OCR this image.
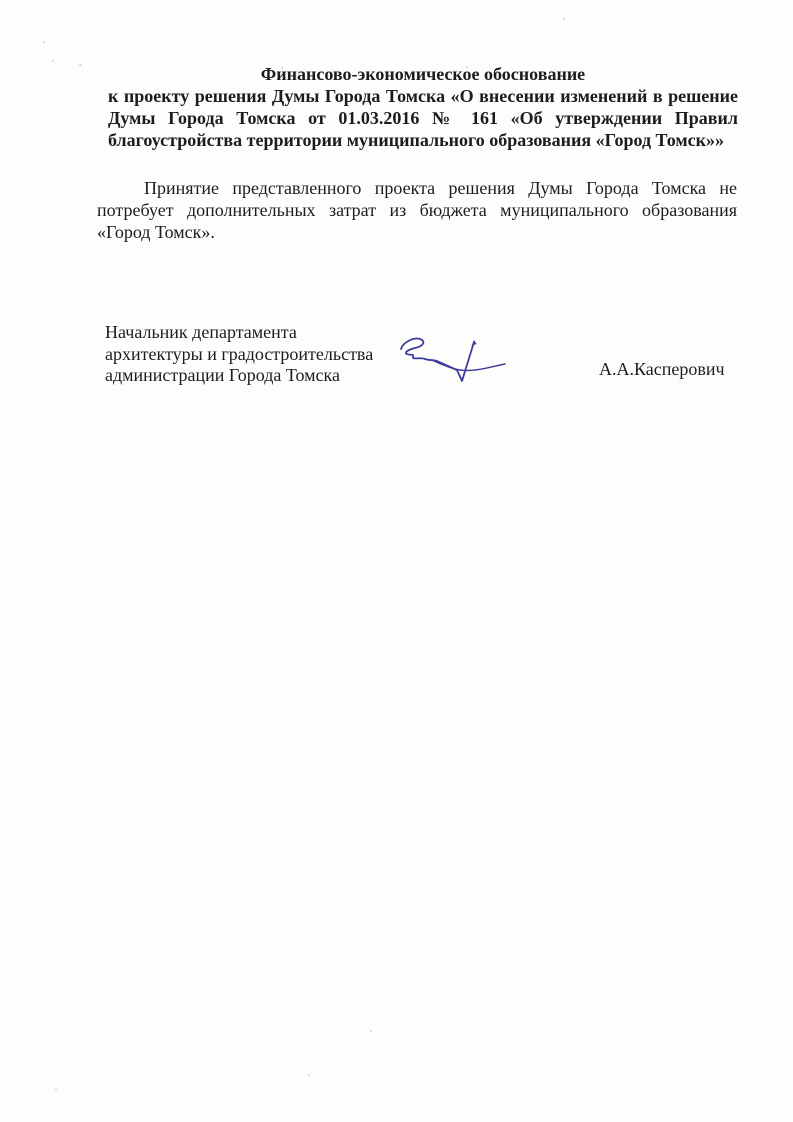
Финансово-экономическое обоснование
к проекту решения Думы Города Томска «О внесении изменений в решение Думы Города Томска от 01.03.2016 № 161 «Об утверждении Правил благоустройства территории муниципального образования «Город Томск»»

Принятие представленного проекта решения Думы Города Томска не потребует дополнительных затрат из бюджета муниципального образования «Город Томск».

Начальник департамента
архитектуры и градостроительства
администрации Города Томска	А.А.Касперович
